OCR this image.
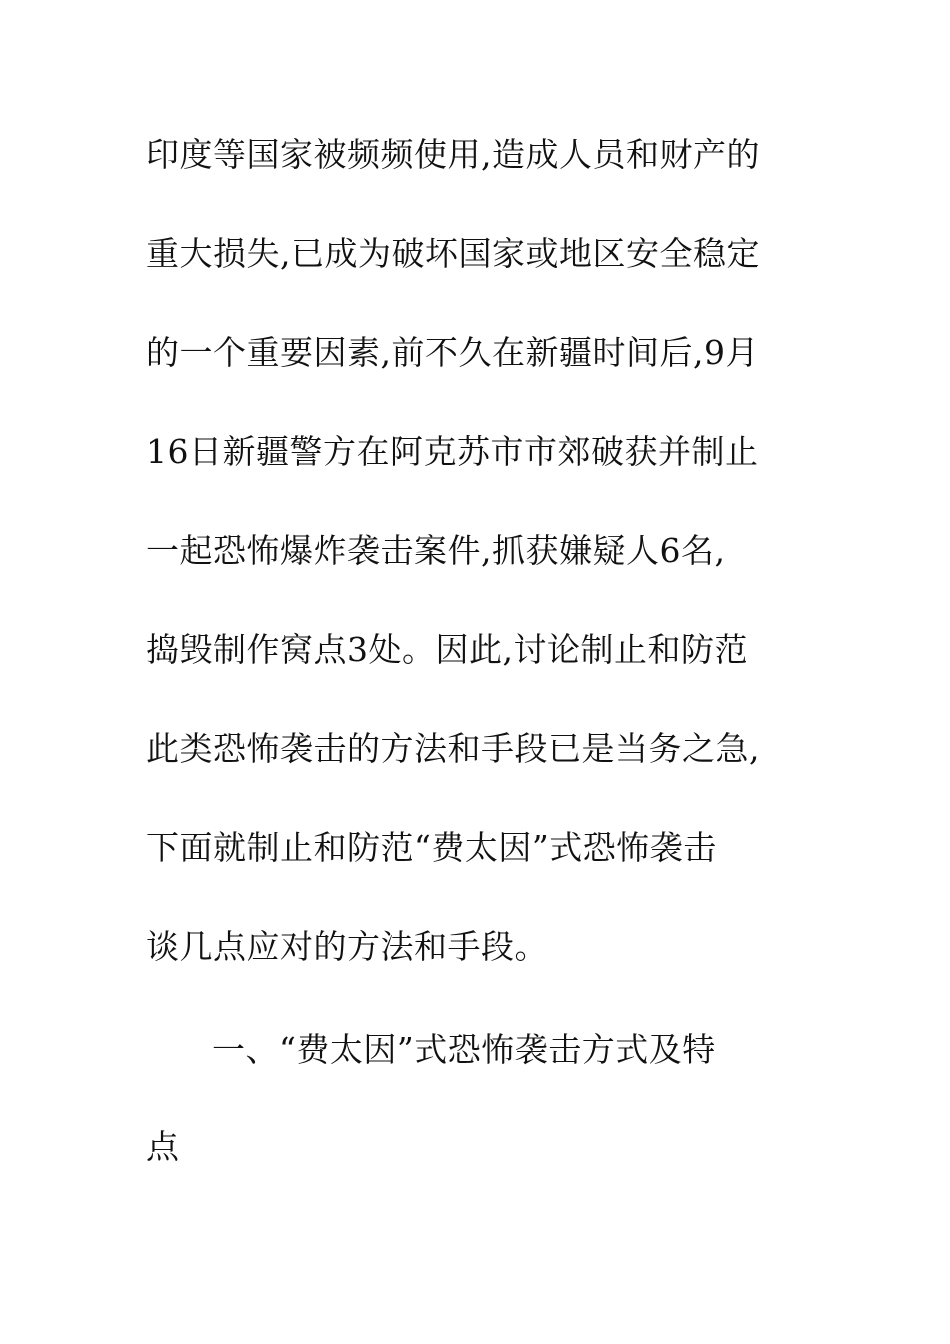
印度等国家被频频使用,造成人员和财产的
重大损失,已成为破坏国家或地区安全稳定
的一个重要因素,前不久在新疆时间后,9月
16日新疆警方在阿克苏市市郊破获并制止
一起恐怖爆炸袭击案件,抓获嫌疑人6名,
捣毁制作窝点3处。因此,讨论制止和防范
此类恐怖袭击的方法和手段已是当务之急,
下面就制止和防范“费太因”式恐怖袭击
谈几点应对的方法和手段。
一、“费太因”式恐怖袭击方式及特
点
